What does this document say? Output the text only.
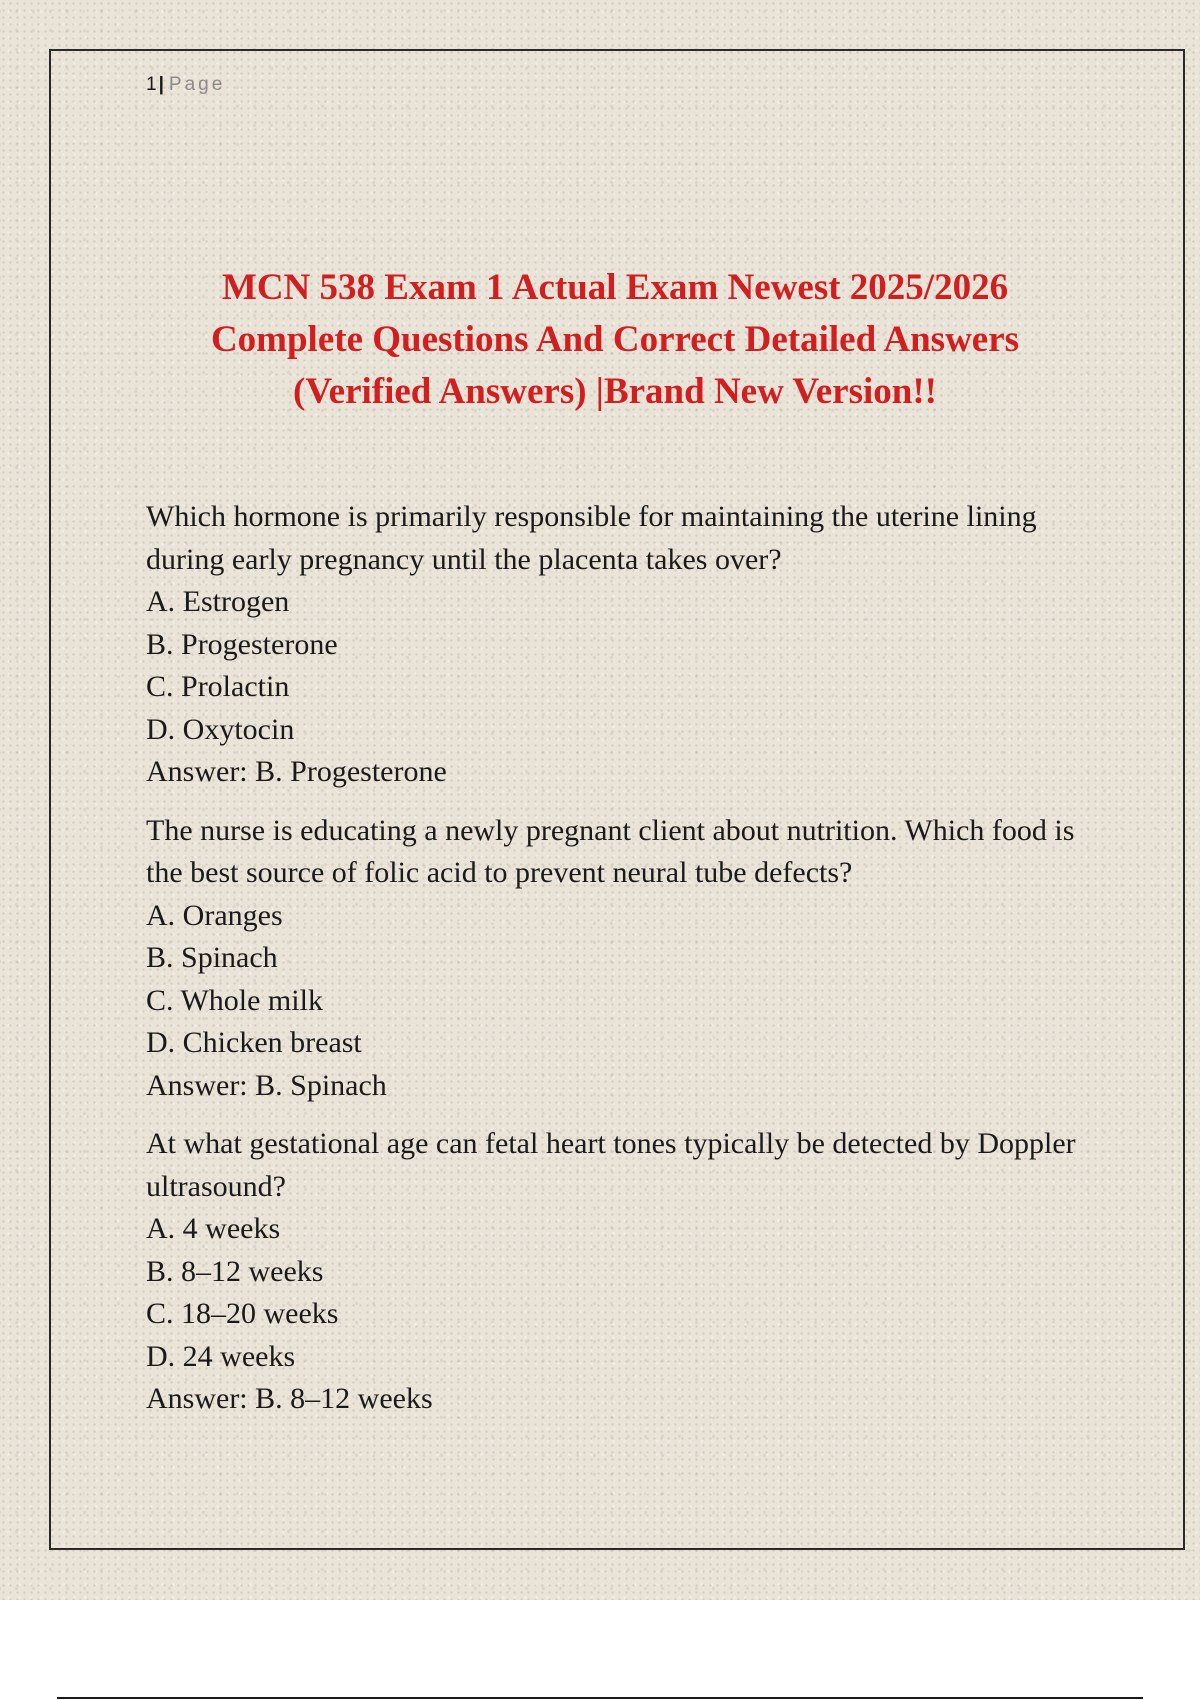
1| Page
MCN 538 Exam 1 Actual Exam Newest 2025/2026
Complete Questions And Correct Detailed Answers
(Verified Answers) |Brand New Version!!
Which hormone is primarily responsible for maintaining the uterine lining during early pregnancy until the placenta takes over?
A. Estrogen
B. Progesterone
C. Prolactin
D. Oxytocin
Answer: B. Progesterone
The nurse is educating a newly pregnant client about nutrition. Which food is the best source of folic acid to prevent neural tube defects?
A. Oranges
B. Spinach
C. Whole milk
D. Chicken breast
Answer: B. Spinach
At what gestational age can fetal heart tones typically be detected by Doppler ultrasound?
A. 4 weeks
B. 8–12 weeks
C. 18–20 weeks
D. 24 weeks
Answer: B. 8–12 weeks
